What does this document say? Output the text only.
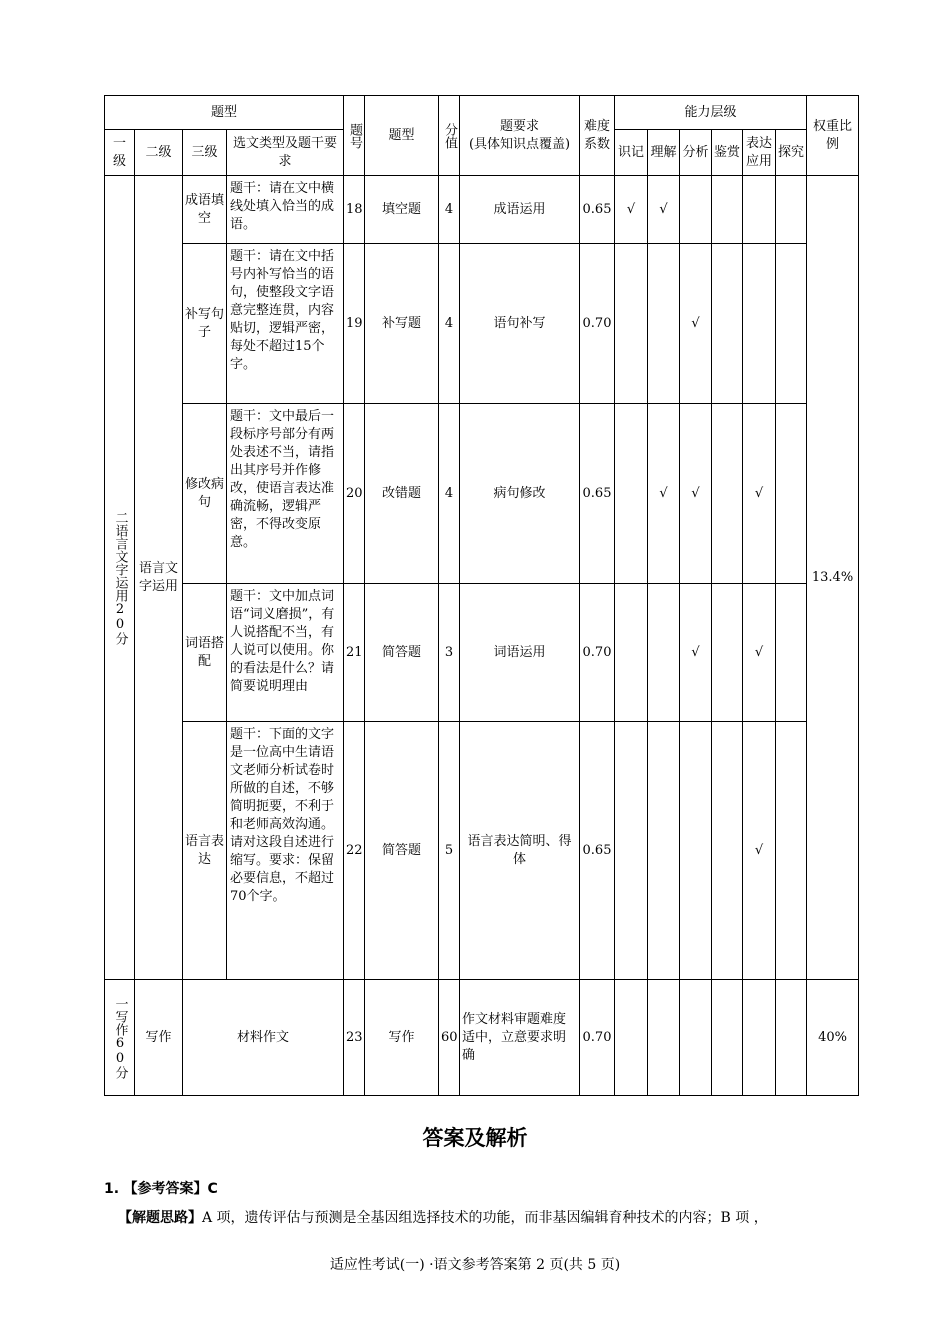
题型				题号	题型	分值	题要求
(具体知识点覆盖)	难度系数	能力层级						权重比例
一级	二级	三级	选文类型及题干要求						识记	理解	分析	鉴赏	表达应用	探究	

二语言文字运用20分	语言文字运用	成语填空	题干：请在文中横线处填入恰当的成语。	18	填空题	4	成语运用	0.65	√	√					13.4%
		补写句子	题干：请在文中括号内补写恰当的语句，使整段文字语意完整连贯，内容贴切，逻辑严密，每处不超过15个字。	19	补写题	4	语句补写	0.70			√				
		修改病句	题干：文中最后一段标序号部分有两处表述不当，请指出其序号并作修改，使语言表达准确流畅，逻辑严密，不得改变原意。	20	改错题	4	病句修改	0.65		√	√		√		
		词语搭配	题干：文中加点词语“词义磨损”，有人说搭配不当，有人说可以使用。你的看法是什么？请简要说明理由	21	简答题	3	词语运用	0.70			√		√		
		语言表达	题干：下面的文字是一位高中生请语文老师分析试卷时所做的自述，不够简明扼要，不利于和老师高效沟通。请对这段自述进行缩写。要求：保留必要信息，不超过70个字。	22	简答题	5	语言表达简明、得体	0.65					√		

一写作60分	写作	材料作文		23	写作	60	作文材料审题难度适中，立意要求明确	0.70							40%
答案及解析
1. 【参考答案】C
【解题思路】A 项，遗传评估与预测是全基因组选择技术的功能，而非基因编辑育种技术的内容；B 项 ，
适应性考试(一) ·语文参考答案第 2 页(共 5 页)
